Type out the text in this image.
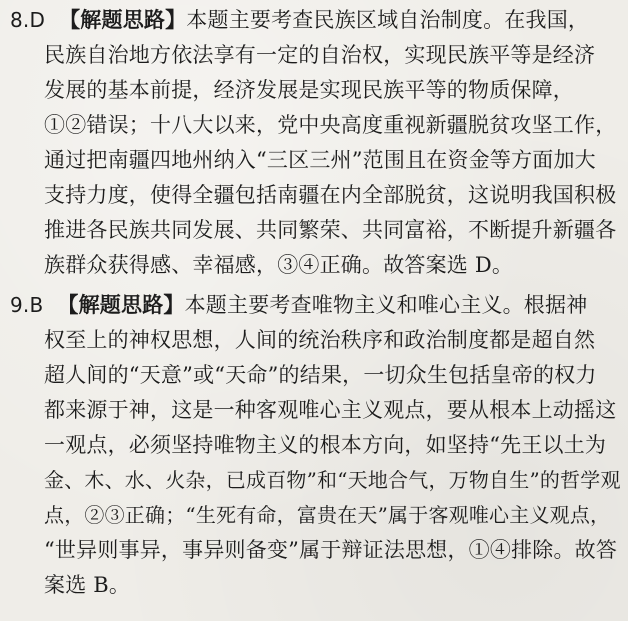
8.D 【解题思路】本题主要考查民族区域自治制度。在我国，
民族自治地方依法享有一定的自治权，实现民族平等是经济
发展的基本前提，经济发展是实现民族平等的物质保障，
①②错误；十八大以来，党中央高度重视新疆脱贫攻坚工作，
通过把南疆四地州纳入“三区三州”范围且在资金等方面加大
支持力度，使得全疆包括南疆在内全部脱贫，这说明我国积极
推进各民族共同发展、共同繁荣、共同富裕，不断提升新疆各
族群众获得感、幸福感，③④正确。故答案选 D。
9.B 【解题思路】本题主要考查唯物主义和唯心主义。根据神
权至上的神权思想，人间的统治秩序和政治制度都是超自然
超人间的“天意”或“天命”的结果，一切众生包括皇帝的权力
都来源于神，这是一种客观唯心主义观点，要从根本上动摇这
一观点，必须坚持唯物主义的根本方向，如坚持“先王以土为
金、木、水、火杂，已成百物”和“天地合气，万物自生”的哲学观
点，②③正确；“生死有命，富贵在天”属于客观唯心主义观点，
“世异则事异，事异则备变”属于辩证法思想，①④排除。故答
案选 B。
